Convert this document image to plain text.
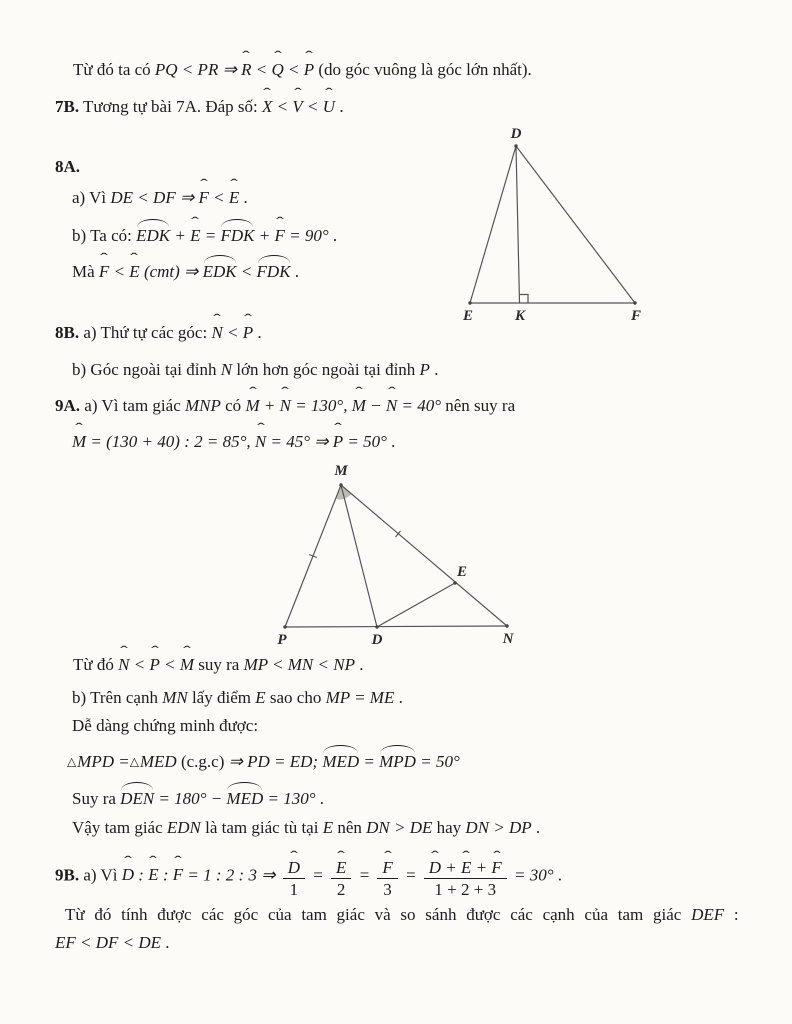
Từ đó ta có PQ < PR ⇒ ˆ R < ˆ Q < ˆ P (do góc vuông là góc lớn nhất).
7B. Tương tự bài 7A. Đáp số: ˆ X < ˆ V < ˆ U .
8A.
a) Vì DE < DF ⇒ ˆ F < ˆ E .
b) Ta có: EDK + ˆ E = FDK + ˆ F = 90° .
Mà ˆ F < ˆ E (cmt) ⇒ EDK < FDK .
8B. a) Thứ tự các góc: ˆ N < ˆ P .
b) Góc ngoài tại đỉnh N lớn hơn góc ngoài tại đỉnh P .
9A. a) Vì tam giác MNP có ˆ M + ˆ N = 130°, ˆ M − ˆ N = 40° nên suy ra
ˆ M = (130 + 40) : 2 = 85°, ˆ N = 45° ⇒ ˆ P = 50° .
Từ đó ˆ N < ˆ P < ˆ M suy ra MP < MN < NP .
b) Trên cạnh MN lấy điểm E sao cho MP = ME .
Dễ dàng chứng minh được:
△MPD =△MED (c.g.c) ⇒ PD = ED; MED = MPD = 50°
Suy ra DEN = 180° − MED = 130° .
Vậy tam giác EDN là tam giác tù tại E nên DN > DE hay DN > DP .
9B. a) Vì ˆ D : ˆ E : ˆ F = 1 : 2 : 3 ⇒ ˆ $\frac{D}{1}$ = ˆ $\frac{E}{2}$ = ˆ $\frac{F}{3}$ = ˆ $\frac{\text{D + ˆ E + ˆ F}}{1 + 2 + 3} = 30^\circ$ .
Từ đó tính được các góc của tam giác và so sánh được các cạnh của tam giác DEF :
EF < DF < DE .
D
E	K	F
M
P	D	N
E
